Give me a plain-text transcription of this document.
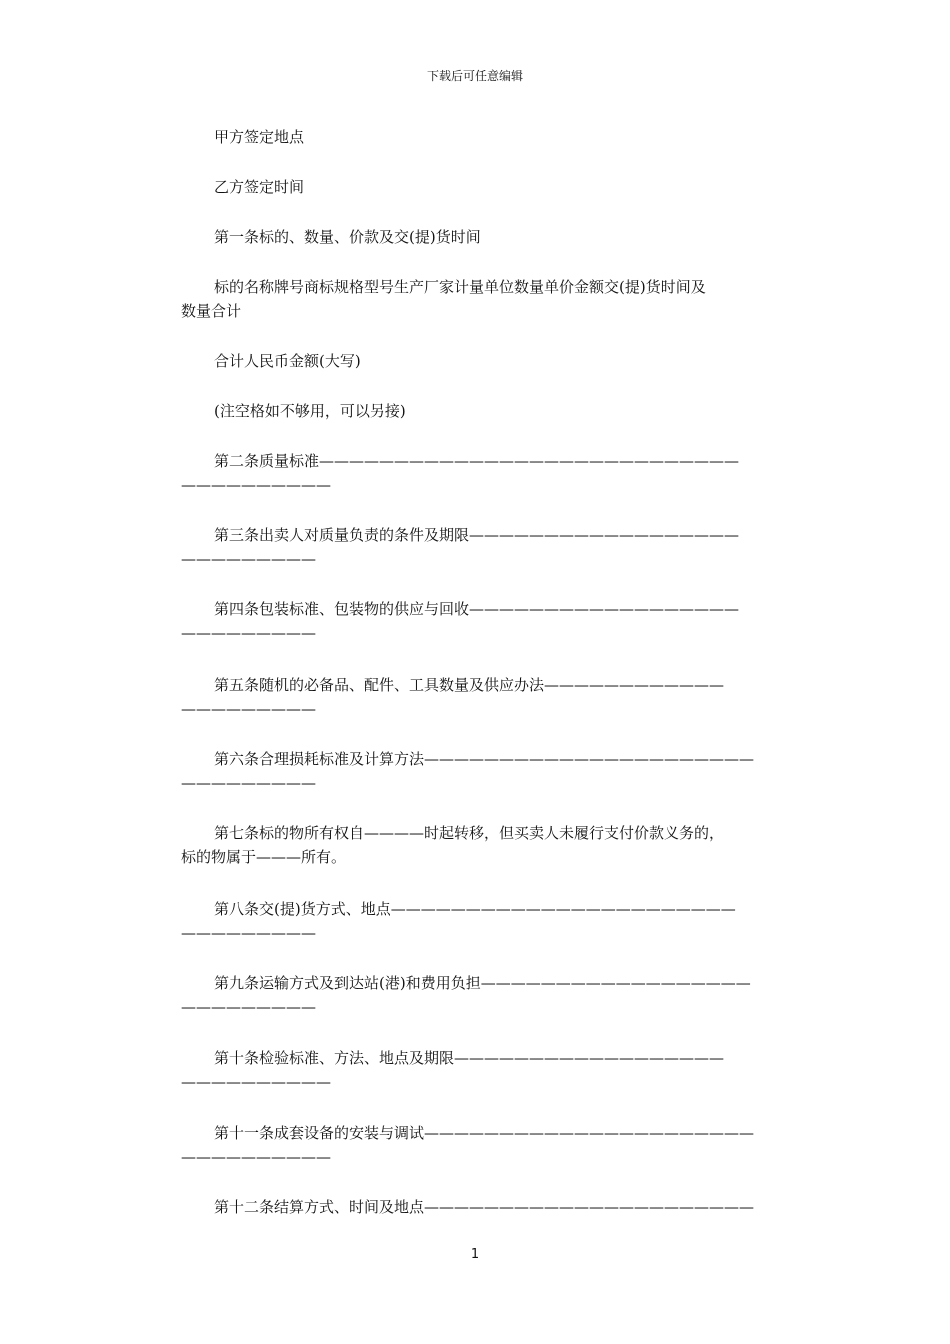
下载后可任意编辑
甲方签定地点
乙方签定时间
第一条标的、数量、价款及交(提)货时间
标的名称牌号商标规格型号生产厂家计量单位数量单价金额交(提)货时间及
数量合计
合计人民币金额(大写)
(注空格如不够用，可以另接)
第二条质量标准————————————————————————————
——————————
第三条出卖人对质量负责的条件及期限——————————————————
—————————
第四条包装标准、包装物的供应与回收——————————————————
—————————
第五条随机的必备品、配件、工具数量及供应办法————————————
—————————
第六条合理损耗标准及计算方法——————————————————————
—————————
第七条标的物所有权自————时起转移，但买卖人未履行支付价款义务的，
标的物属于———所有。
第八条交(提)货方式、地点———————————————————————
—————————
第九条运输方式及到达站(港)和费用负担——————————————————
—————————
第十条检验标准、方法、地点及期限——————————————————
——————————
第十一条成套设备的安装与调试——————————————————————
——————————
第十二条结算方式、时间及地点——————————————————————
1
